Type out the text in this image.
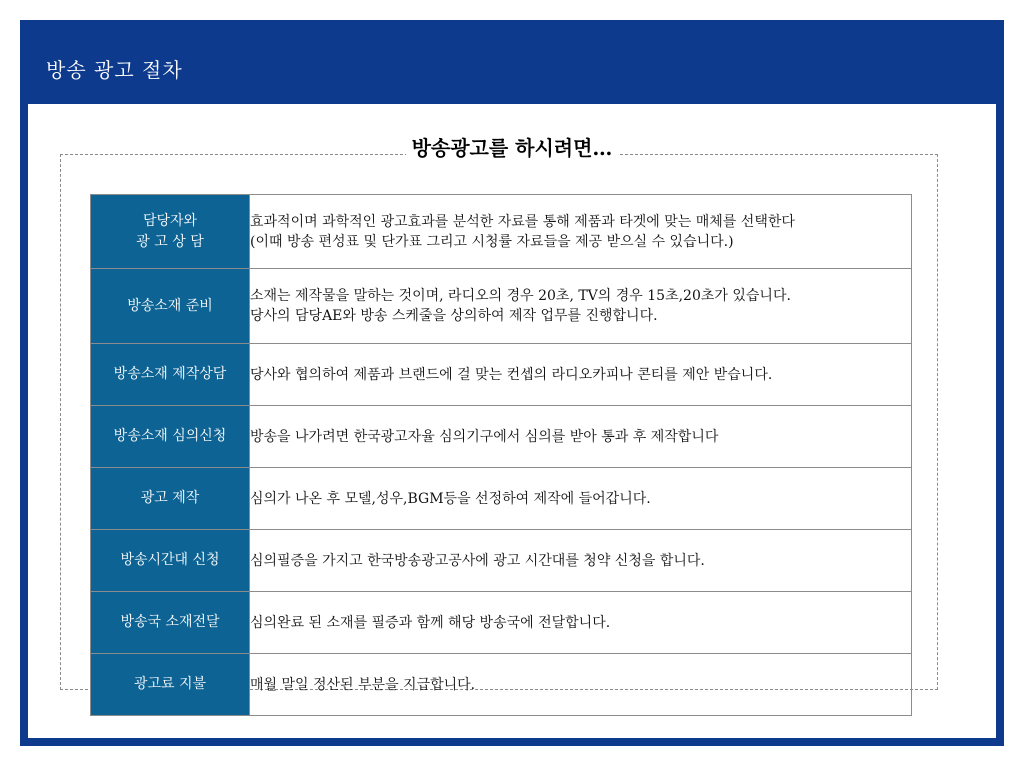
방송 광고 절차
방송광고를 하시려면…
담당자와
광 고 상 담	효과적이며 과학적인 광고효과를 분석한 자료를 통해 제품과 타겟에 맞는 매체를 선택한다
(이때 방송 편성표 및 단가표 그리고 시청률 자료들을 제공 받으실 수 있습니다.)

방송소재 준비	소재는 제작물을 말하는 것이며, 라디오의 경우 20초, TV의 경우 15초,20초가 있습니다.
당사의 담당AE와 방송 스케줄을 상의하여 제작 업무를 진행합니다.

방송소재 제작상담	당사와 협의하여 제품과 브랜드에 걸 맞는 컨셉의 라디오카피나 콘티를 제안 받습니다.

방송소재 심의신청	방송을 나가려면 한국광고자율 심의기구에서 심의를 받아 통과 후 제작합니다

광고 제작	심의가 나온 후 모델,성우,BGM등을 선정하여 제작에 들어갑니다.

방송시간대 신청	심의필증을 가지고 한국방송광고공사에 광고 시간대를 청약 신청을 합니다.

방송국 소재전달	심의완료 된 소재를 필증과 함께 해당 방송국에 전달합니다.

광고료 지불	매월 말일 정산된 부분을 지급합니다.
